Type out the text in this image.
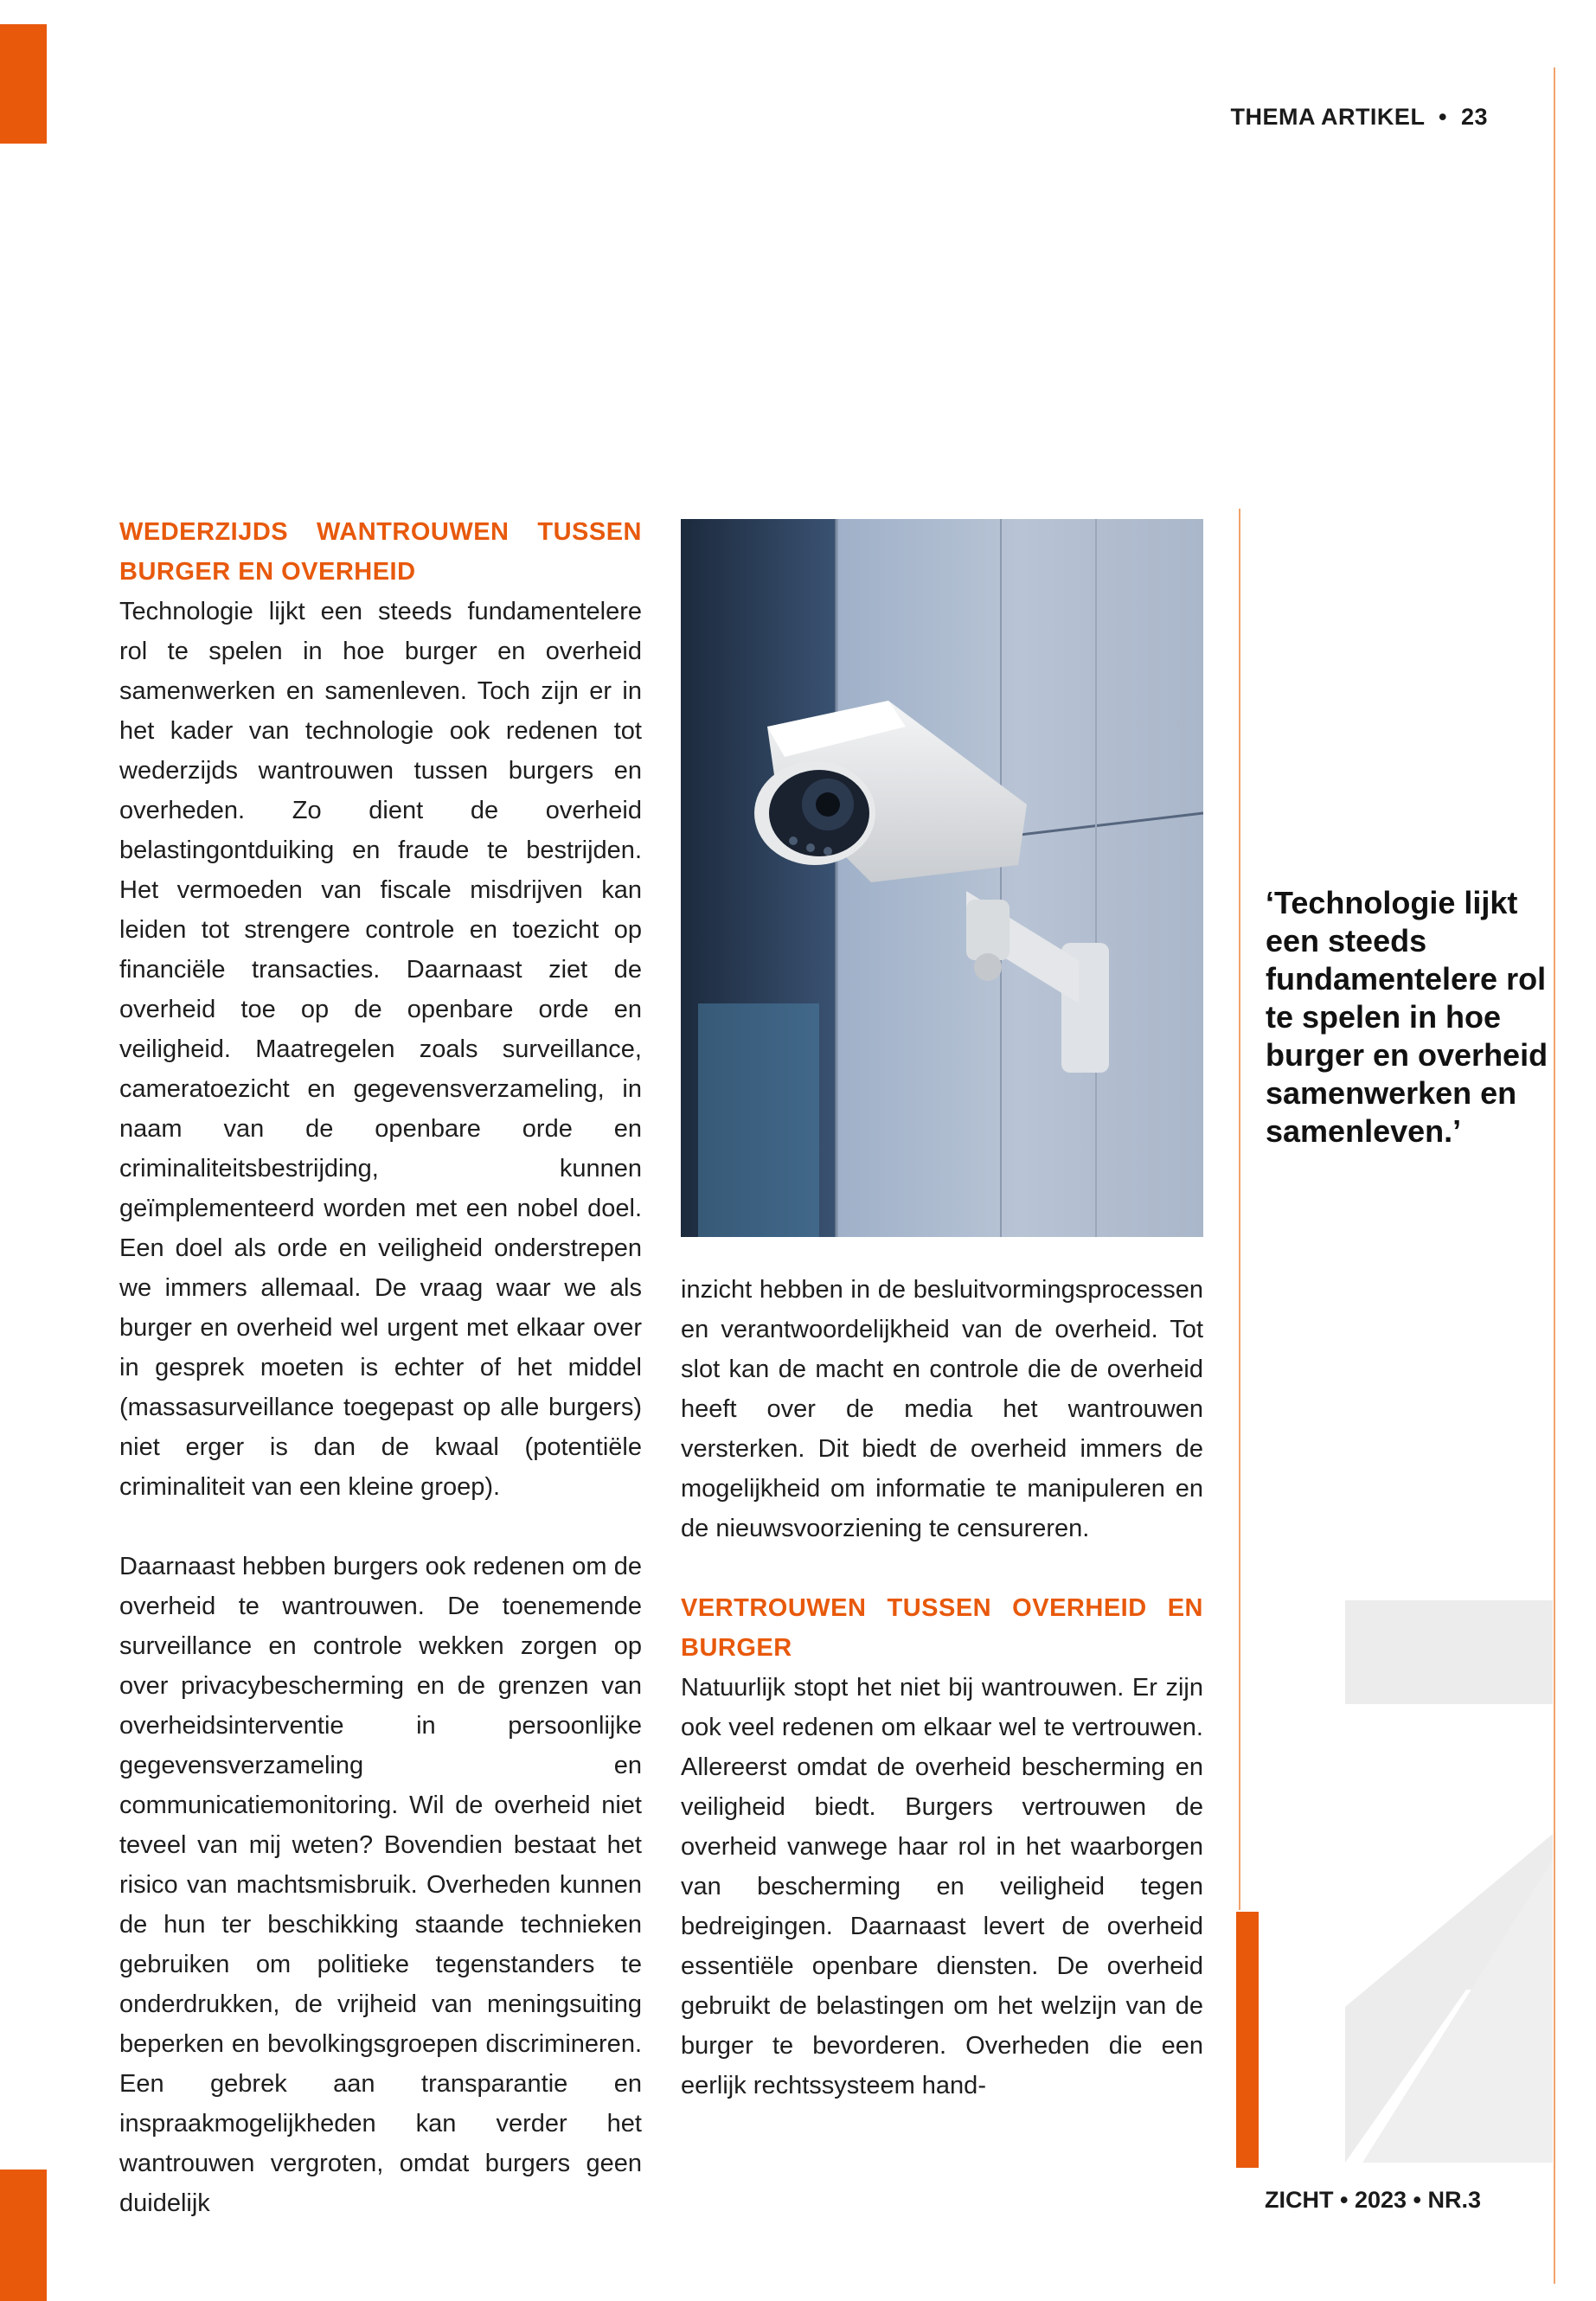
THEMA ARTIKEL  •  23
WEDERZIJDS WANTROUWEN TUSSEN BURGER EN OVERHEID

Technologie lijkt een steeds fundamentelere rol te spelen in hoe burger en overheid samenwerken en samenleven. Toch zijn er in het kader van technologie ook redenen tot wederzijds wantrouwen tussen burgers en overheden. Zo dient de overheid belastingontduiking en fraude te bestrijden. Het vermoeden van fiscale misdrijven kan leiden tot strengere controle en toezicht op financiële transacties. Daarnaast ziet de overheid toe op de openbare orde en veiligheid. Maatregelen zoals surveillance, cameratoezicht en gegevensverzameling, in naam van de openbare orde en criminaliteitsbestrijding, kunnen geïmplementeerd worden met een nobel doel. Een doel als orde en veiligheid onderstrepen we immers allemaal. De vraag waar we als burger en overheid wel urgent met elkaar over in gesprek moeten is echter of het middel (massasurveillance toegepast op alle burgers) niet erger is dan de kwaal (potentiële criminaliteit van een kleine groep).

Daarnaast hebben burgers ook redenen om de overheid te wantrouwen. De toenemende surveillance en controle wekken zorgen op over privacybescherming en de grenzen van overheidsinterventie in persoonlijke gegevensverzameling en communicatiemonitoring. Wil de overheid niet teveel van mij weten? Bovendien bestaat het risico van machtsmisbruik. Overheden kunnen de hun ter beschikking staande technieken gebruiken om politieke tegenstanders te onderdrukken, de vrijheid van meningsuiting beperken en bevolkingsgroepen discrimineren. Een gebrek aan transparantie en inspraakmogelijkheden kan verder het wantrouwen vergroten, omdat burgers geen duidelijk

‘Technologie lijkt een steeds fundamentelere rol te spelen in hoe burger en overheid samenwerken en samenleven.’

inzicht hebben in de besluitvormingsprocessen en verantwoordelijkheid van de overheid. Tot slot kan de macht en controle die de overheid heeft over de media het wantrouwen versterken. Dit biedt de overheid immers de mogelijkheid om informatie te manipuleren en de nieuwsvoorziening te censureren.

VERTROUWEN TUSSEN OVERHEID EN BURGER

Natuurlijk stopt het niet bij wantrouwen. Er zijn ook veel redenen om elkaar wel te vertrouwen. Allereerst omdat de overheid bescherming en veiligheid biedt. Burgers vertrouwen de overheid vanwege haar rol in het waarborgen van bescherming en veiligheid tegen bedreigingen. Daarnaast levert de overheid essentiële openbare diensten. De overheid gebruikt de belastingen om het welzijn van de burger te bevorderen. Overheden die een eerlijk rechtssysteem hand-

ZICHT • 2023 • NR.3
